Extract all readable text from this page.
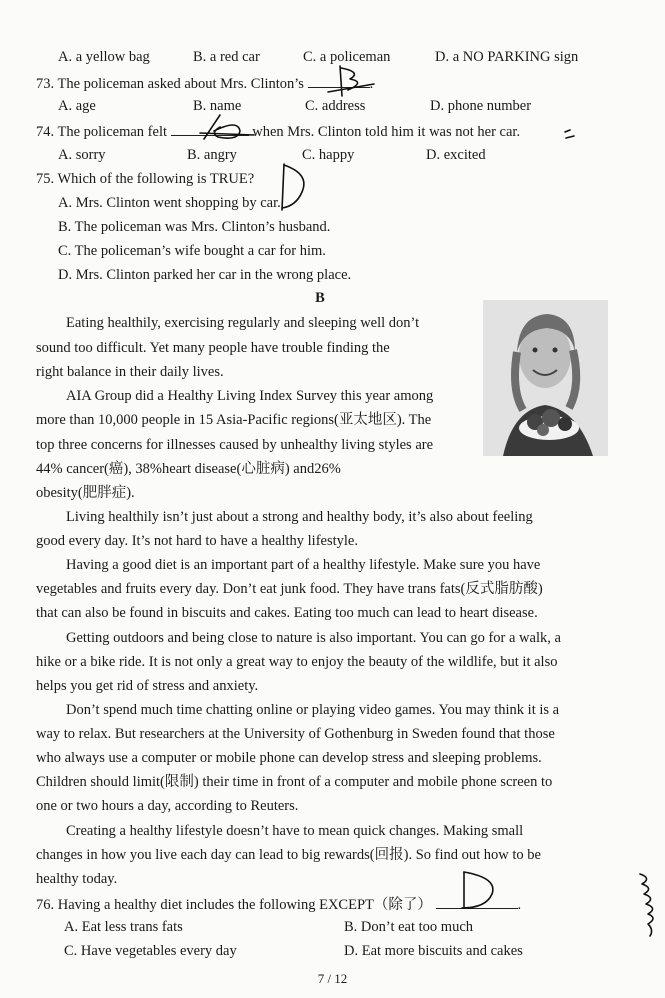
A. a yellow bag	B. a red car	C. a policeman	D. a NO PARKING sign
73. The policeman asked about Mrs. Clinton’s	.
A. age	B. name	C. address	D. phone number
74. The policeman felt	when Mrs. Clinton told him it was not her car.
A. sorry	B. angry	C. happy	D. excited
75. Which of the following is TRUE?
A. Mrs. Clinton went shopping by car.
B. The policeman was Mrs. Clinton’s husband.
C. The policeman’s wife bought a car for him.
D. Mrs. Clinton parked her car in the wrong place.
B
Eating healthily, exercising regularly and sleeping well don’t
sound too difficult. Yet many people have trouble finding the
right balance in their daily lives.
AIA Group did a Healthy Living Index Survey this year among
more than 10,000 people in 15 Asia-Pacific regions(亚太地区). The
top three concerns for illnesses caused by unhealthy living styles are
44% cancer(癌), 38%heart disease(心脏病) and26%
obesity(肥胖症).
Living healthily isn’t just about a strong and healthy body, it’s also about feeling
good every day. It’s not hard to have a healthy lifestyle.
Having a good diet is an important part of a healthy lifestyle. Make sure you have
vegetables and fruits every day. Don’t eat junk food. They have trans fats(反式脂肪酸)
that can also be found in biscuits and cakes. Eating too much can lead to heart disease.
Getting outdoors and being close to nature is also important. You can go for a walk, a
hike or a bike ride. It is not only a great way to enjoy the beauty of the wildlife, but it also
helps you get rid of stress and anxiety.
Don’t spend much time chatting online or playing video games. You may think it is a
way to relax. But researchers at the University of Gothenburg in Sweden found that those
who always use a computer or mobile phone can develop stress and sleeping problems.
Children should limit(限制) their time in front of a computer and mobile phone screen to
one or two hours a day, according to Reuters.
Creating a healthy lifestyle doesn’t have to mean quick changes. Making small
changes in how you live each day can lead to big rewards(回报). So find out how to be
healthy today.
76. Having a healthy diet includes the following EXCEPT（除了）	.
A. Eat less trans fats	B. Don’t eat too much
C. Have vegetables every day	D. Eat more biscuits and cakes
7 / 12
